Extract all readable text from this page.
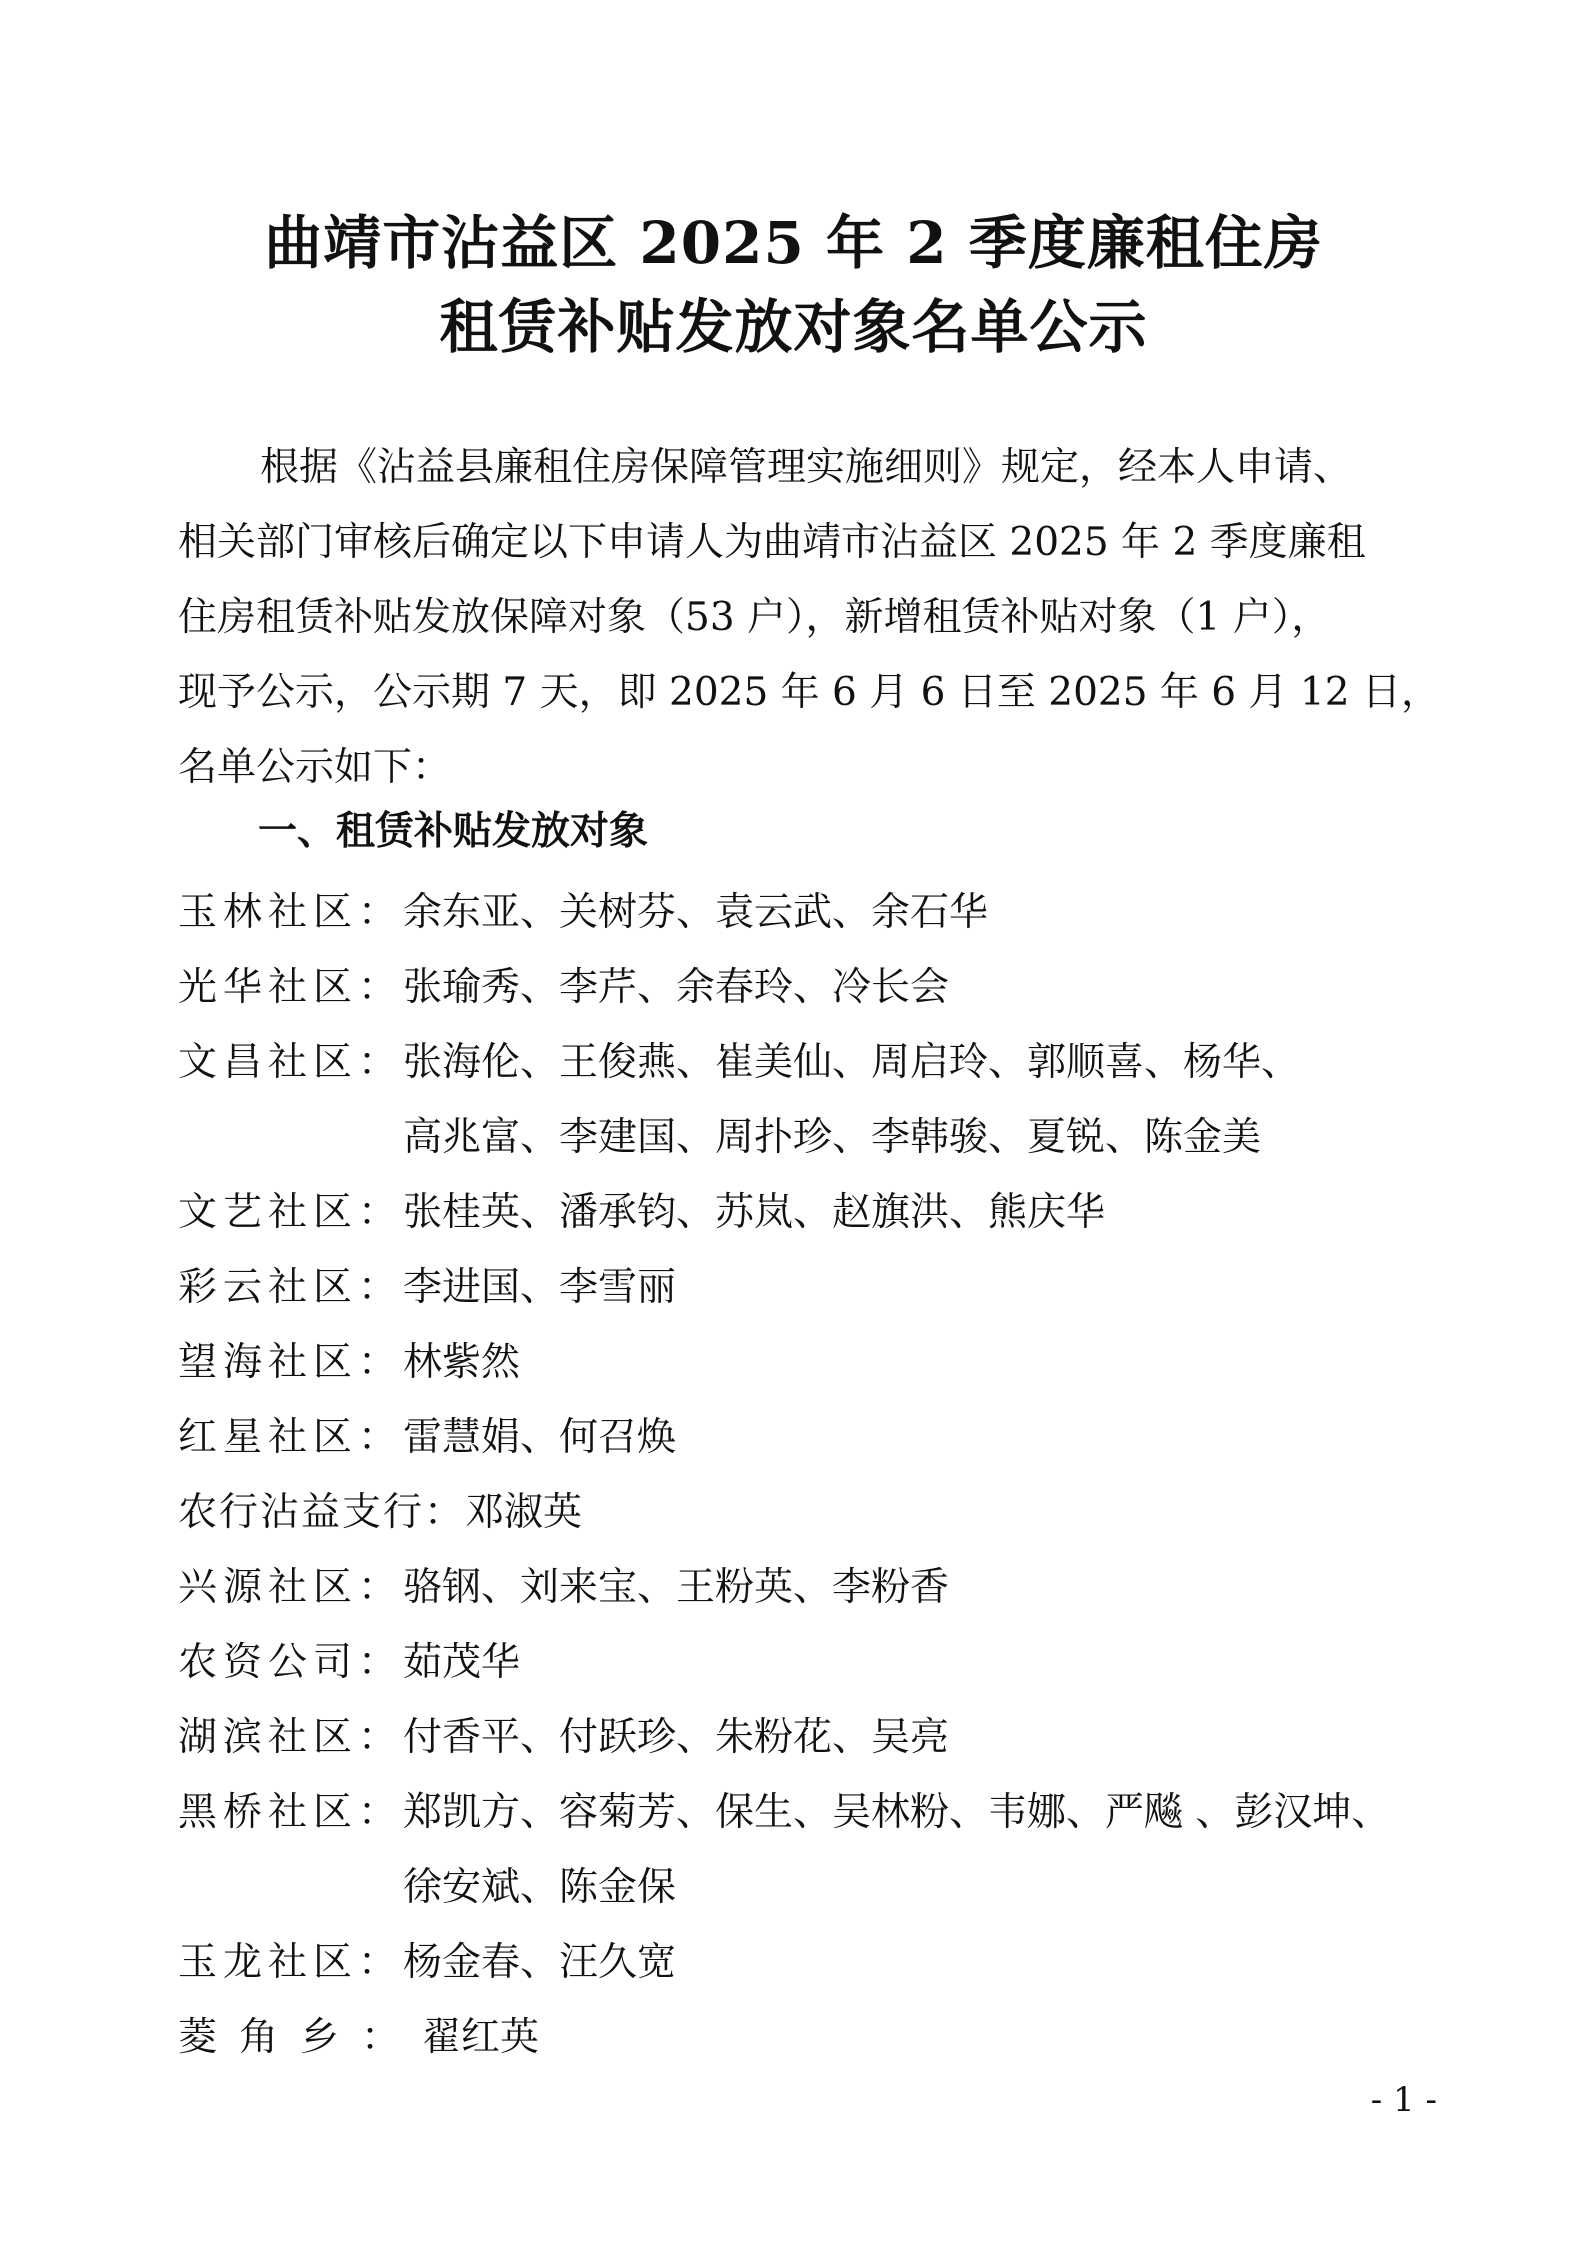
曲靖市沾益区 2025 年 2 季度廉租住房
租赁补贴发放对象名单公示
根据《沾益县廉租住房保障管理实施细则》规定，经本人申请、
相关部门审核后确定以下申请人为曲靖市沾益区 2025 年 2 季度廉租
住房租赁补贴发放保障对象（53 户），新增租赁补贴对象（1 户），
现予公示，公示期 7 天，即 2025 年 6 月 6 日至 2025 年 6 月 12 日，
名单公示如下：
一、租赁补贴发放对象
玉林社区： 余东亚、关树芬、袁云武、余石华
光华社区： 张瑜秀、李芹、余春玲、冷长会
文昌社区： 张海伦、王俊燕、崔美仙、周启玲、郭顺喜、杨华、
高兆富、李建国、周扑珍、李韩骏、夏锐、陈金美
文艺社区： 张桂英、潘承钧、苏岚、赵旗洪、熊庆华
彩云社区： 李进国、李雪丽
望海社区： 林紫然
红星社区： 雷慧娟、何召焕
农行沾益支行： 邓淑英
兴源社区： 骆钢、刘来宝、王粉英、李粉香
农资公司： 茹茂华
湖滨社区： 付香平、付跃珍、朱粉花、吴亮
黑桥社区： 郑凯方、容菊芳、保生、吴林粉、韦娜、严飚 、彭汉坤、
徐安斌、陈金保
玉龙社区： 杨金春、汪久宽
菱角乡： 翟红英
- 1 -
